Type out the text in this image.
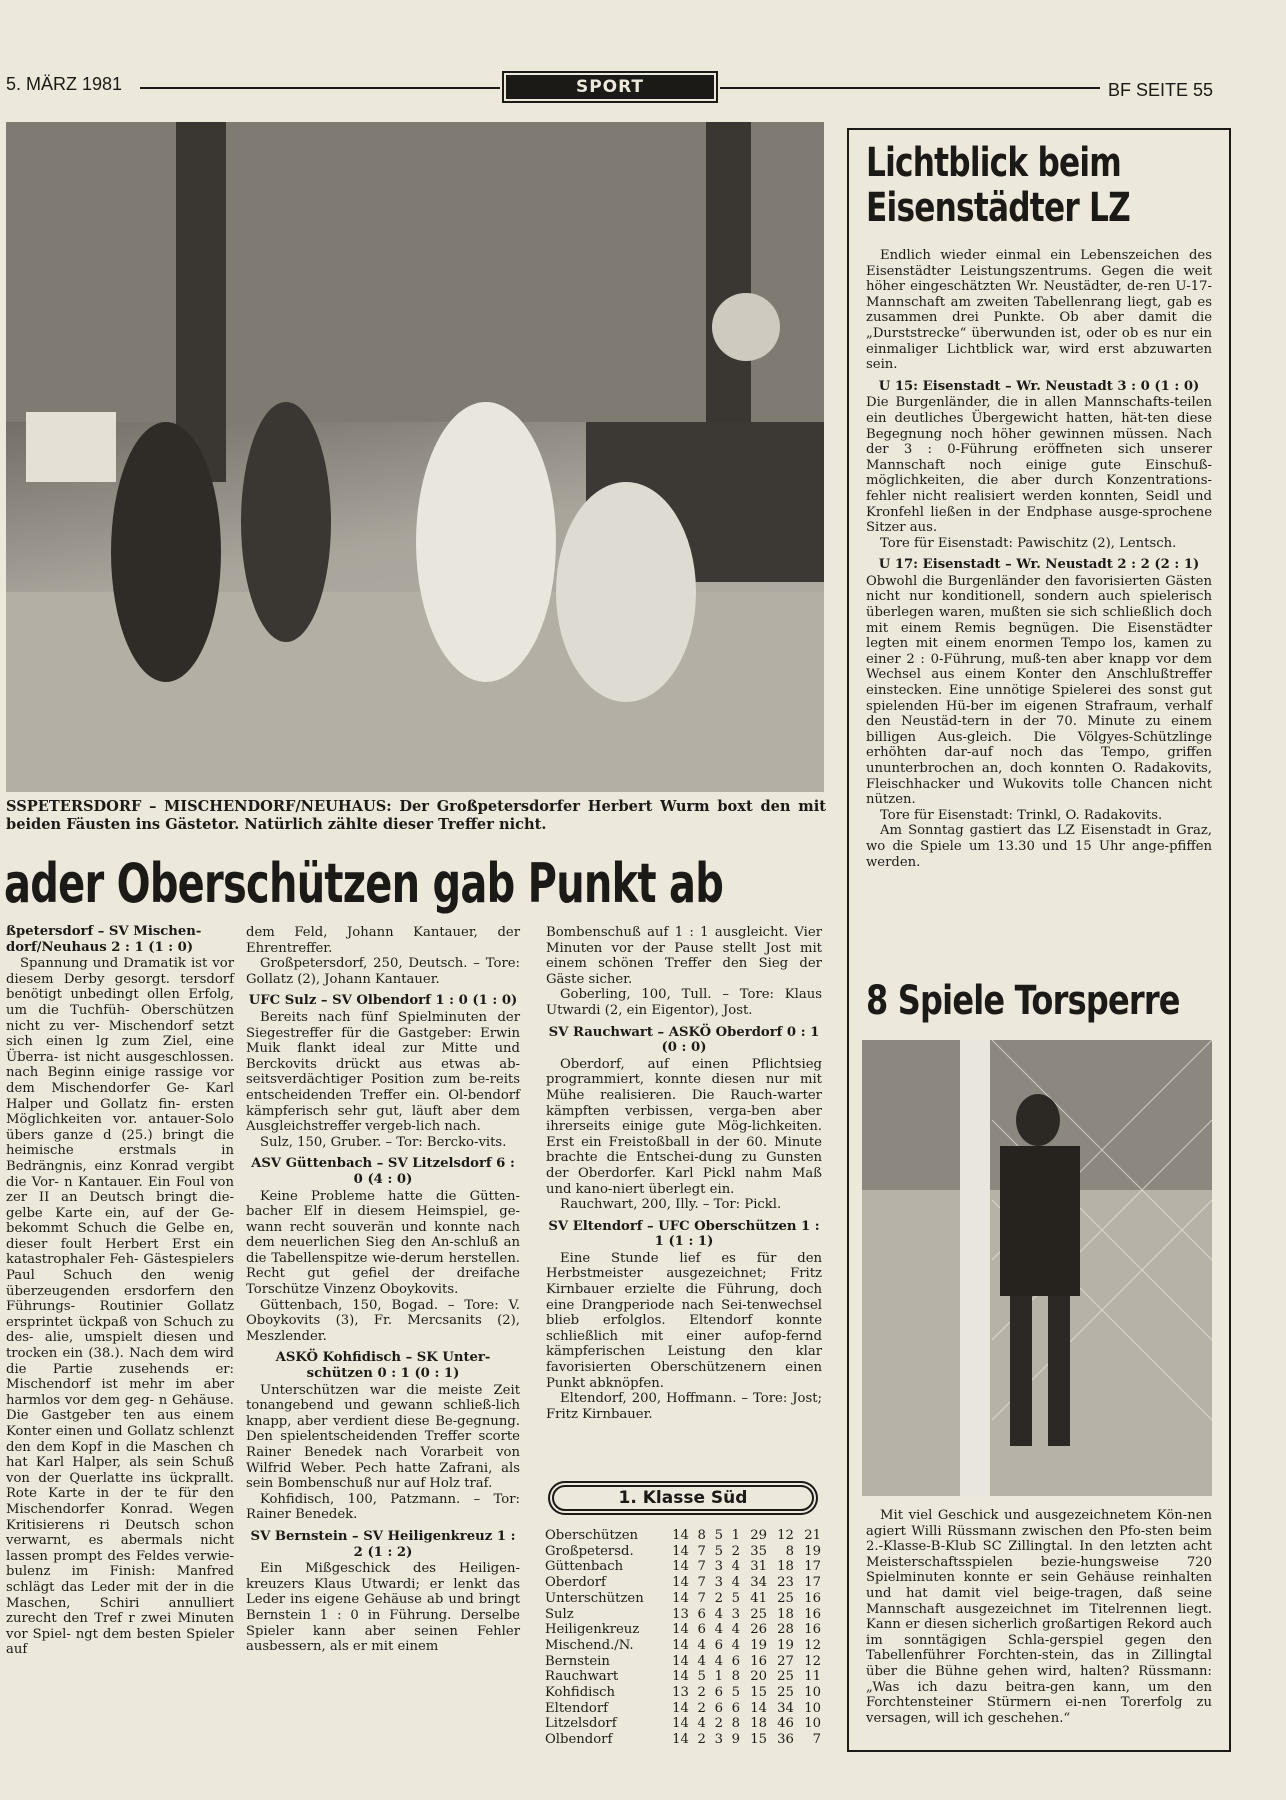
5. MÄRZ 1981	SPORT	BF SEITE 55
SSPETERSDORF – MISCHENDORF/NEUHAUS: Der Großpetersdorfer Herbert Wurm boxt den mit beiden Fäusten ins Gästetor. Natürlich zählte dieser Treffer nicht.
ader Oberschützen gab Punkt ab

ßpetersdorf – SV Mischen-dorf/Neuhaus 2 : 1 (1 : 0)

Spannung und Dramatik ist vor diesem Derby gesorgt. tersdorf benötigt unbedingt ollen Erfolg, um die Tuchfüh- Oberschützen nicht zu ver- Mischendorf setzt sich einen lg zum Ziel, eine Überra- ist nicht ausgeschlossen. nach Beginn einige rassige vor dem Mischendorfer Ge- Karl Halper und Gollatz fin- ersten Möglichkeiten vor. antauer-Solo übers ganze d (25.) bringt die heimische erstmals in Bedrängnis, einz Konrad vergibt die Vor- n Kantauer. Ein Foul von zer II an Deutsch bringt die- gelbe Karte ein, auf der Ge- bekommt Schuch die Gelbe en, dieser foult Herbert Erst ein katastrophaler Feh- Gästespielers Paul Schuch den wenig überzeugenden ersdorfern den Führungs- Routinier Gollatz ersprintet ückpaß von Schuch zu des- alie, umspielt diesen und trocken ein (38.). Nach dem wird die Partie zusehends er: Mischendorf ist mehr im aber harmlos vor dem geg- n Gehäuse. Die Gastgeber ten aus einem Konter einen und Gollatz schlenzt den dem Kopf in die Maschen ch hat Karl Halper, als sein Schuß von der Querlatte ins ückprallt. Rote Karte in der te für den Mischendorfer Konrad. Wegen Kritisierens ri Deutsch schon verwarnt, es abermals nicht lassen prompt des Feldes verwie- bulenz im Finish: Manfred schlägt das Leder mit der in die Maschen, Schiri annulliert zurecht den Tref r zwei Minuten vor Spiel- ngt dem besten Spieler auf

dem Feld, Johann Kantauer, der Ehrentreffer.

Großpetersdorf, 250, Deutsch. – Tore: Gollatz (2), Johann Kantauer.

UFC Sulz – SV Olbendorf 1 : 0 (1 : 0)

Bereits nach fünf Spielminuten der Siegestreffer für die Gastgeber: Erwin Muik flankt ideal zur Mitte und Berckovits drückt aus etwas ab-seitsverdächtiger Position zum be-reits entscheidenden Treffer ein. Ol-bendorf kämpferisch sehr gut, läuft aber dem Ausgleichstreffer vergeb-lich nach.

Sulz, 150, Gruber. – Tor: Bercko-vits.

ASV Güttenbach – SV Litzelsdorf 6 : 0 (4 : 0)

Keine Probleme hatte die Gütten-bacher Elf in diesem Heimspiel, ge-wann recht souverän und konnte nach dem neuerlichen Sieg den An-schluß an die Tabellenspitze wie-derum herstellen. Recht gut gefiel der dreifache Torschütze Vinzenz Oboykovits.

Güttenbach, 150, Bogad. – Tore: V. Oboykovits (3), Fr. Mercsanits (2), Meszlender.

ASKÖ Kohfidisch – SK Unter-schützen 0 : 1 (0 : 1)

Unterschützen war die meiste Zeit tonangebend und gewann schließ-lich knapp, aber verdient diese Be-gegnung. Den spielentscheidenden Treffer scorte Rainer Benedek nach Vorarbeit von Wilfrid Weber. Pech hatte Zafrani, als sein Bombenschuß nur auf Holz traf.

Kohfidisch, 100, Patzmann. – Tor: Rainer Benedek.

SV Bernstein – SV Heiligenkreuz 1 : 2 (1 : 2)

Ein Mißgeschick des Heiligen-kreuzers Klaus Utwardi; er lenkt das Leder ins eigene Gehäuse ab und bringt Bernstein 1 : 0 in Führung. Derselbe Spieler kann aber seinen Fehler ausbessern, als er mit einem

Bombenschuß auf 1 : 1 ausgleicht. Vier Minuten vor der Pause stellt Jost mit einem schönen Treffer den Sieg der Gäste sicher.

Goberling, 100, Tull. – Tore: Klaus Utwardi (2, ein Eigentor), Jost.

SV Rauchwart – ASKÖ Oberdorf 0 : 1 (0 : 0)

Oberdorf, auf einen Pflichtsieg programmiert, konnte diesen nur mit Mühe realisieren. Die Rauch-warter kämpften verbissen, verga-ben aber ihrerseits einige gute Mög-lichkeiten. Erst ein Freistoßball in der 60. Minute brachte die Entschei-dung zu Gunsten der Oberdorfer. Karl Pickl nahm Maß und kano-niert überlegt ein.

Rauchwart, 200, Illy. – Tor: Pickl.

SV Eltendorf – UFC Oberschützen 1 : 1 (1 : 1)

Eine Stunde lief es für den Herbstmeister ausgezeichnet; Fritz Kirnbauer erzielte die Führung, doch eine Drangperiode nach Sei-tenwechsel blieb erfolglos. Eltendorf konnte schließlich mit einer aufop-fernd kämpferischen Leistung den klar favorisierten Oberschützenern einen Punkt abknöpfen.

Eltendorf, 200, Hoffmann. – Tore: Jost; Fritz Kirnbauer.

1. Klasse Süd
Oberschützen	14	8	5	1	29	12	21
Großpetersd.	14	7	5	2	35	8	19
Güttenbach	14	7	3	4	31	18	17
Oberdorf	14	7	3	4	34	23	17
Unterschützen	14	7	2	5	41	25	16
Sulz	13	6	4	3	25	18	16
Heiligenkreuz	14	6	4	4	26	28	16
Mischend./N.	14	4	6	4	19	19	12
Bernstein	14	4	4	6	16	27	12
Rauchwart	14	5	1	8	20	25	11
Kohfidisch	13	2	6	5	15	25	10
Eltendorf	14	2	6	6	14	34	10
Litzelsdorf	14	4	2	8	18	46	10
Olbendorf	14	2	3	9	15	36	7
Lichtblick beim
Eisenstädter LZ

Endlich wieder einmal ein Lebenszeichen des Eisenstädter Leistungszentrums. Gegen die weit höher eingeschätzten Wr. Neustädter, de-ren U-17-Mannschaft am zweiten Tabellenrang liegt, gab es zusammen drei Punkte. Ob aber damit die „Durststrecke“ überwunden ist, oder ob es nur ein einmaliger Lichtblick war, wird erst abzuwarten sein.

U 15: Eisenstadt – Wr. Neustadt 3 : 0 (1 : 0)

Die Burgenländer, die in allen Mannschafts-teilen ein deutliches Übergewicht hatten, hät-ten diese Begegnung noch höher gewinnen müssen. Nach der 3 : 0-Führung eröffneten sich unserer Mannschaft noch einige gute Einschuß-möglichkeiten, die aber durch Konzentrations-fehler nicht realisiert werden konnten, Seidl und Kronfehl ließen in der Endphase ausge-sprochene Sitzer aus.

Tore für Eisenstadt: Pawischitz (2), Lentsch.

U 17: Eisenstadt – Wr. Neustadt 2 : 2 (2 : 1)

Obwohl die Burgenländer den favorisierten Gästen nicht nur konditionell, sondern auch spielerisch überlegen waren, mußten sie sich schließlich doch mit einem Remis begnügen. Die Eisenstädter legten mit einem enormen Tempo los, kamen zu einer 2 : 0-Führung, muß-ten aber knapp vor dem Wechsel aus einem Konter den Anschlußtreffer einstecken. Eine unnötige Spielerei des sonst gut spielenden Hü-ber im eigenen Strafraum, verhalf den Neustäd-tern in der 70. Minute zu einem billigen Aus-gleich. Die Völgyes-Schützlinge erhöhten dar-auf noch das Tempo, griffen ununterbrochen an, doch konnten O. Radakovits, Fleischhacker und Wukovits tolle Chancen nicht nützen.

Tore für Eisenstadt: Trinkl, O. Radakovits.

Am Sonntag gastiert das LZ Eisenstadt in Graz, wo die Spiele um 13.30 und 15 Uhr ange-pfiffen werden.

8 Spiele Torsperre
Mit viel Geschick und ausgezeichnetem Kön-nen agiert Willi Rüssmann zwischen den Pfo-sten beim 2.-Klasse-B-Klub SC Zillingtal. In den letzten acht Meisterschaftsspielen bezie-hungsweise 720 Spielminuten konnte er sein Gehäuse reinhalten und hat damit viel beige-tragen, daß seine Mannschaft ausgezeichnet im Titelrennen liegt. Kann er diesen sicherlich großartigen Rekord auch im sonntägigen Schla-gerspiel gegen den Tabellenführer Forchten-stein, das in Zillingtal über die Bühne gehen wird, halten? Rüssmann: „Was ich dazu beitra-gen kann, um den Forchtensteiner Stürmern ei-nen Torerfolg zu versagen, will ich geschehen.“
